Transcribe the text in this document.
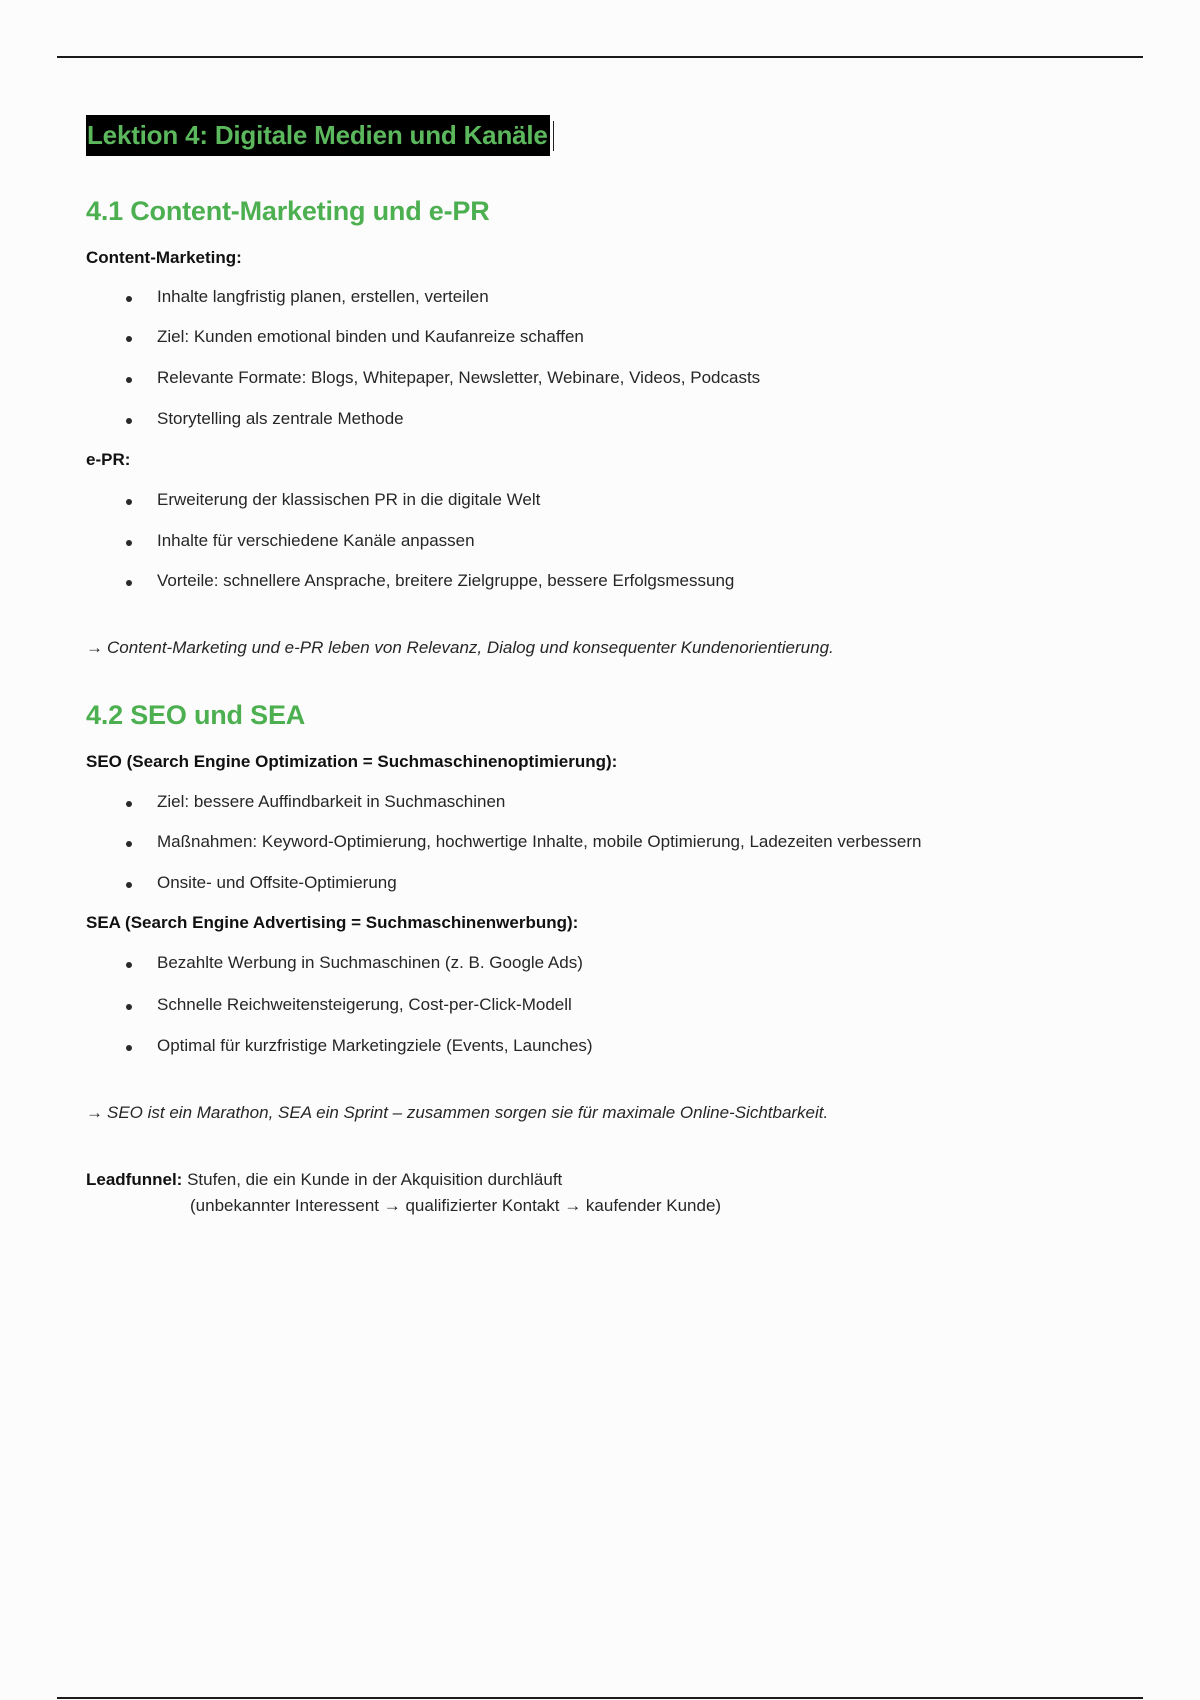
Lektion 4: Digitale Medien und Kanäle
4.1 Content-Marketing und e-PR
Content-Marketing:
Inhalte langfristig planen, erstellen, verteilen
Ziel: Kunden emotional binden und Kaufanreize schaffen
Relevante Formate: Blogs, Whitepaper, Newsletter, Webinare, Videos, Podcasts
Storytelling als zentrale Methode
e-PR:
Erweiterung der klassischen PR in die digitale Welt
Inhalte für verschiedene Kanäle anpassen
Vorteile: schnellere Ansprache, breitere Zielgruppe, bessere Erfolgsmessung
→ Content-Marketing und e-PR leben von Relevanz, Dialog und konsequenter Kundenorientierung.
4.2 SEO und SEA
SEO (Search Engine Optimization = Suchmaschinenoptimierung):
Ziel: bessere Auffindbarkeit in Suchmaschinen
Maßnahmen: Keyword-Optimierung, hochwertige Inhalte, mobile Optimierung, Ladezeiten verbessern
Onsite- und Offsite-Optimierung
SEA (Search Engine Advertising = Suchmaschinenwerbung):
Bezahlte Werbung in Suchmaschinen (z. B. Google Ads)
Schnelle Reichweitensteigerung, Cost-per-Click-Modell
Optimal für kurzfristige Marketingziele (Events, Launches)
→ SEO ist ein Marathon, SEA ein Sprint – zusammen sorgen sie für maximale Online-Sichtbarkeit.
Leadfunnel: Stufen, die ein Kunde in der Akquisition durchläuft
(unbekannter Interessent → qualifizierter Kontakt → kaufender Kunde)
